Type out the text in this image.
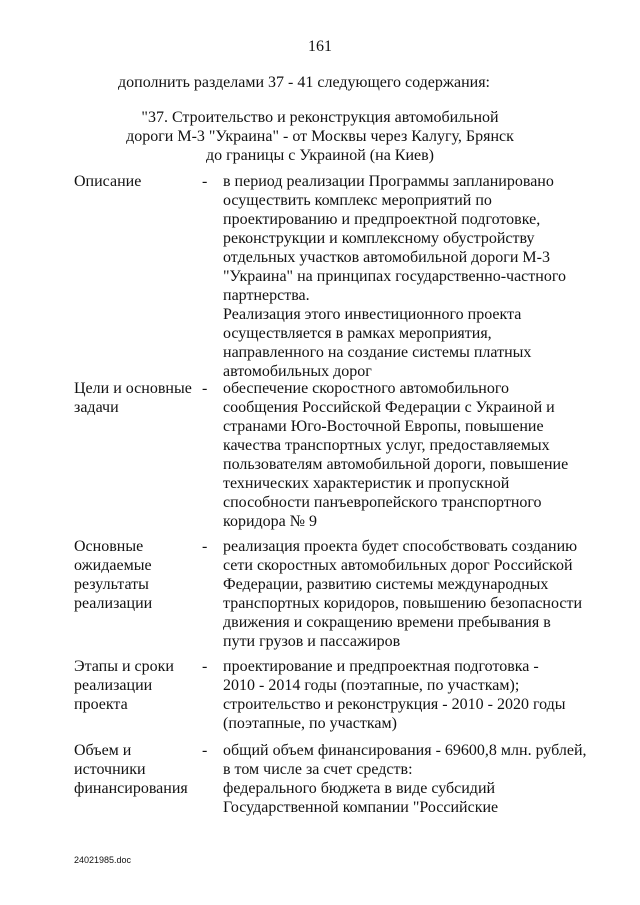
161
дополнить разделами 37 - 41 следующего содержания:
"37. Строительство и реконструкция автомобильной
дороги М-3 "Украина" - от Москвы через Калугу, Брянск
до границы с Украиной (на Киев)
Описание	- в период реализации Программы запланировано
осуществить комплекс мероприятий по
проектированию и предпроектной подготовке,
реконструкции и комплексному обустройству
отдельных участков автомобильной дороги М-3
"Украина" на принципах государственно-частного
партнерства.
Реализация этого инвестиционного проекта
осуществляется в рамках мероприятия,
направленного на создание системы платных
автомобильных дорог
Цели и основные
задачи
- обеспечение скоростного автомобильного
сообщения Российской Федерации с Украиной и
странами Юго-Восточной Европы, повышение
качества транспортных услуг, предоставляемых
пользователям автомобильной дороги, повышение
технических характеристик и пропускной
способности панъевропейского транспортного
коридора № 9
Основные
ожидаемые
результаты
реализации
- реализация проекта будет способствовать созданию
сети скоростных автомобильных дорог Российской
Федерации, развитию системы международных
транспортных коридоров, повышению безопасности
движения и сокращению времени пребывания в
пути грузов и пассажиров
Этапы и сроки
реализации
проекта
- проектирование и предпроектная подготовка -
2010 - 2014 годы (поэтапные, по участкам);
строительство и реконструкция - 2010 - 2020 годы
(поэтапные, по участкам)
Объем и
источники
финансирования
- общий объем финансирования - 69600,8 млн. рублей,
в том числе за счет средств:
федерального бюджета в виде субсидий
Государственной компании "Российские
24021985.doc
